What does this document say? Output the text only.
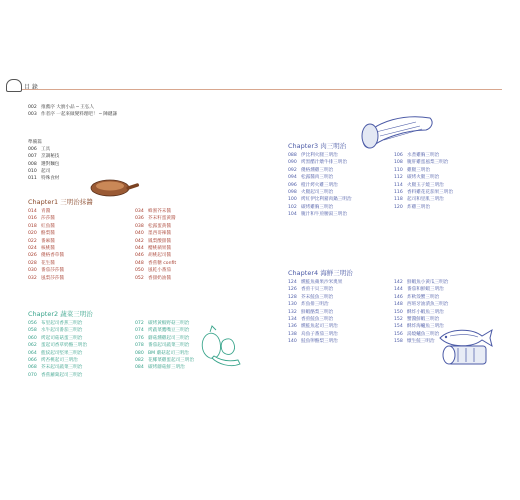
目 錄
002 推薦序 大廚小品 ─ 王弘人
003 作者序 一起來做變料理吧！ ─ 陳鍵謙
準備篇
006 工具
007 烹調秘技
008 選對麵包
010 起司
011 特殊食材
Chapter1 三明治抹醬
014 青醬
016 莎莎醬
018 紅魚醬
020 酪梨醬
022 番麻醬
024 核桃醬
026 優格香草醬
028 花生醬
030 番茄莎莎醬
032 風梨莎莎醬
034 蜂蜜芥末醬
036 芥末籽蛋黃醬
038 松露蛋黃醬
040 墨西哥辣醬
042 鳳梨酸甜醬
044 櫻桃蘋果醬
046 胡桃起司醬
048 香蕉糖 confit
050 風乾小番茄
052 香甜奶油醬
Chapter2 蔬菜三明治
056 布里起司香蕉三明治
058 水牛起司番茄三明治
060 烤起司菇菇蛋三明治
062 蛋起司香草奶酪三明治
064 藍紋起司堅果三明治
066 烤杏桃起司三明治
068 芥末起司蔬菜三明治
070 香蕉蘿蔔起司三明治
072 碳烤黃椒野菇三明治
074 烤蔬菜鷹嘴豆三明治
076 蘑菇燻雞起司三明治
078 番茄起司蔬菜三明治
080 BM 蘑菇起司三明治
082 花椰菜雞蛋起司三明治
084 碳烤蘑菇鮮三明治
Chapter3 肉三明治
088 伊比利火腿三明治
090 烤黑醋汁燉牛排三明治
092 優格燻雞三明治
094 松露醬肉三明治
096 橙汁烤火雞三明治
098 火腿起司三明治
100 烤紅伊比利豬肉鍋三明治
102 碳烤雞胸三明治
104 腌汁和牛煎腰湯三明治
106 水煮雞胸三明治
108 腌肝雞蛋風梨三明治
110 雞腿三明治
112 碳烤火腿三明治
114 火腿玉子燒三明治
116 香料雞花花茄果三明治
118 起司和里肌三明治
120 炸雞三明治
Chapter4 海鮮三明治
124 燻鮭魚蘋果沙米奧果
126 香煎干貝三明治
128 芥末鮭魚三明治
130 炸魚排三明治
132 鮮蝦酪梨三明治
134 香煎鮭魚三明治
136 燻鮭魚起司三明治
138 烏魚子番茄三明治
140 鮭魚卵酪梨三明治
142 鮮蝦魚小黃瓜三明治
144 番茄和鮮蝦三明治
146 炸軟殼蟹三明治
148 西班牙油漬魚三明治
150 酥炸小蝦魚三明治
152 蟹醬鮮蝦三明治
154 酥炸海鱸魚三明治
156 湯燒鱸魚三明治
158 燉生鮭三明治
